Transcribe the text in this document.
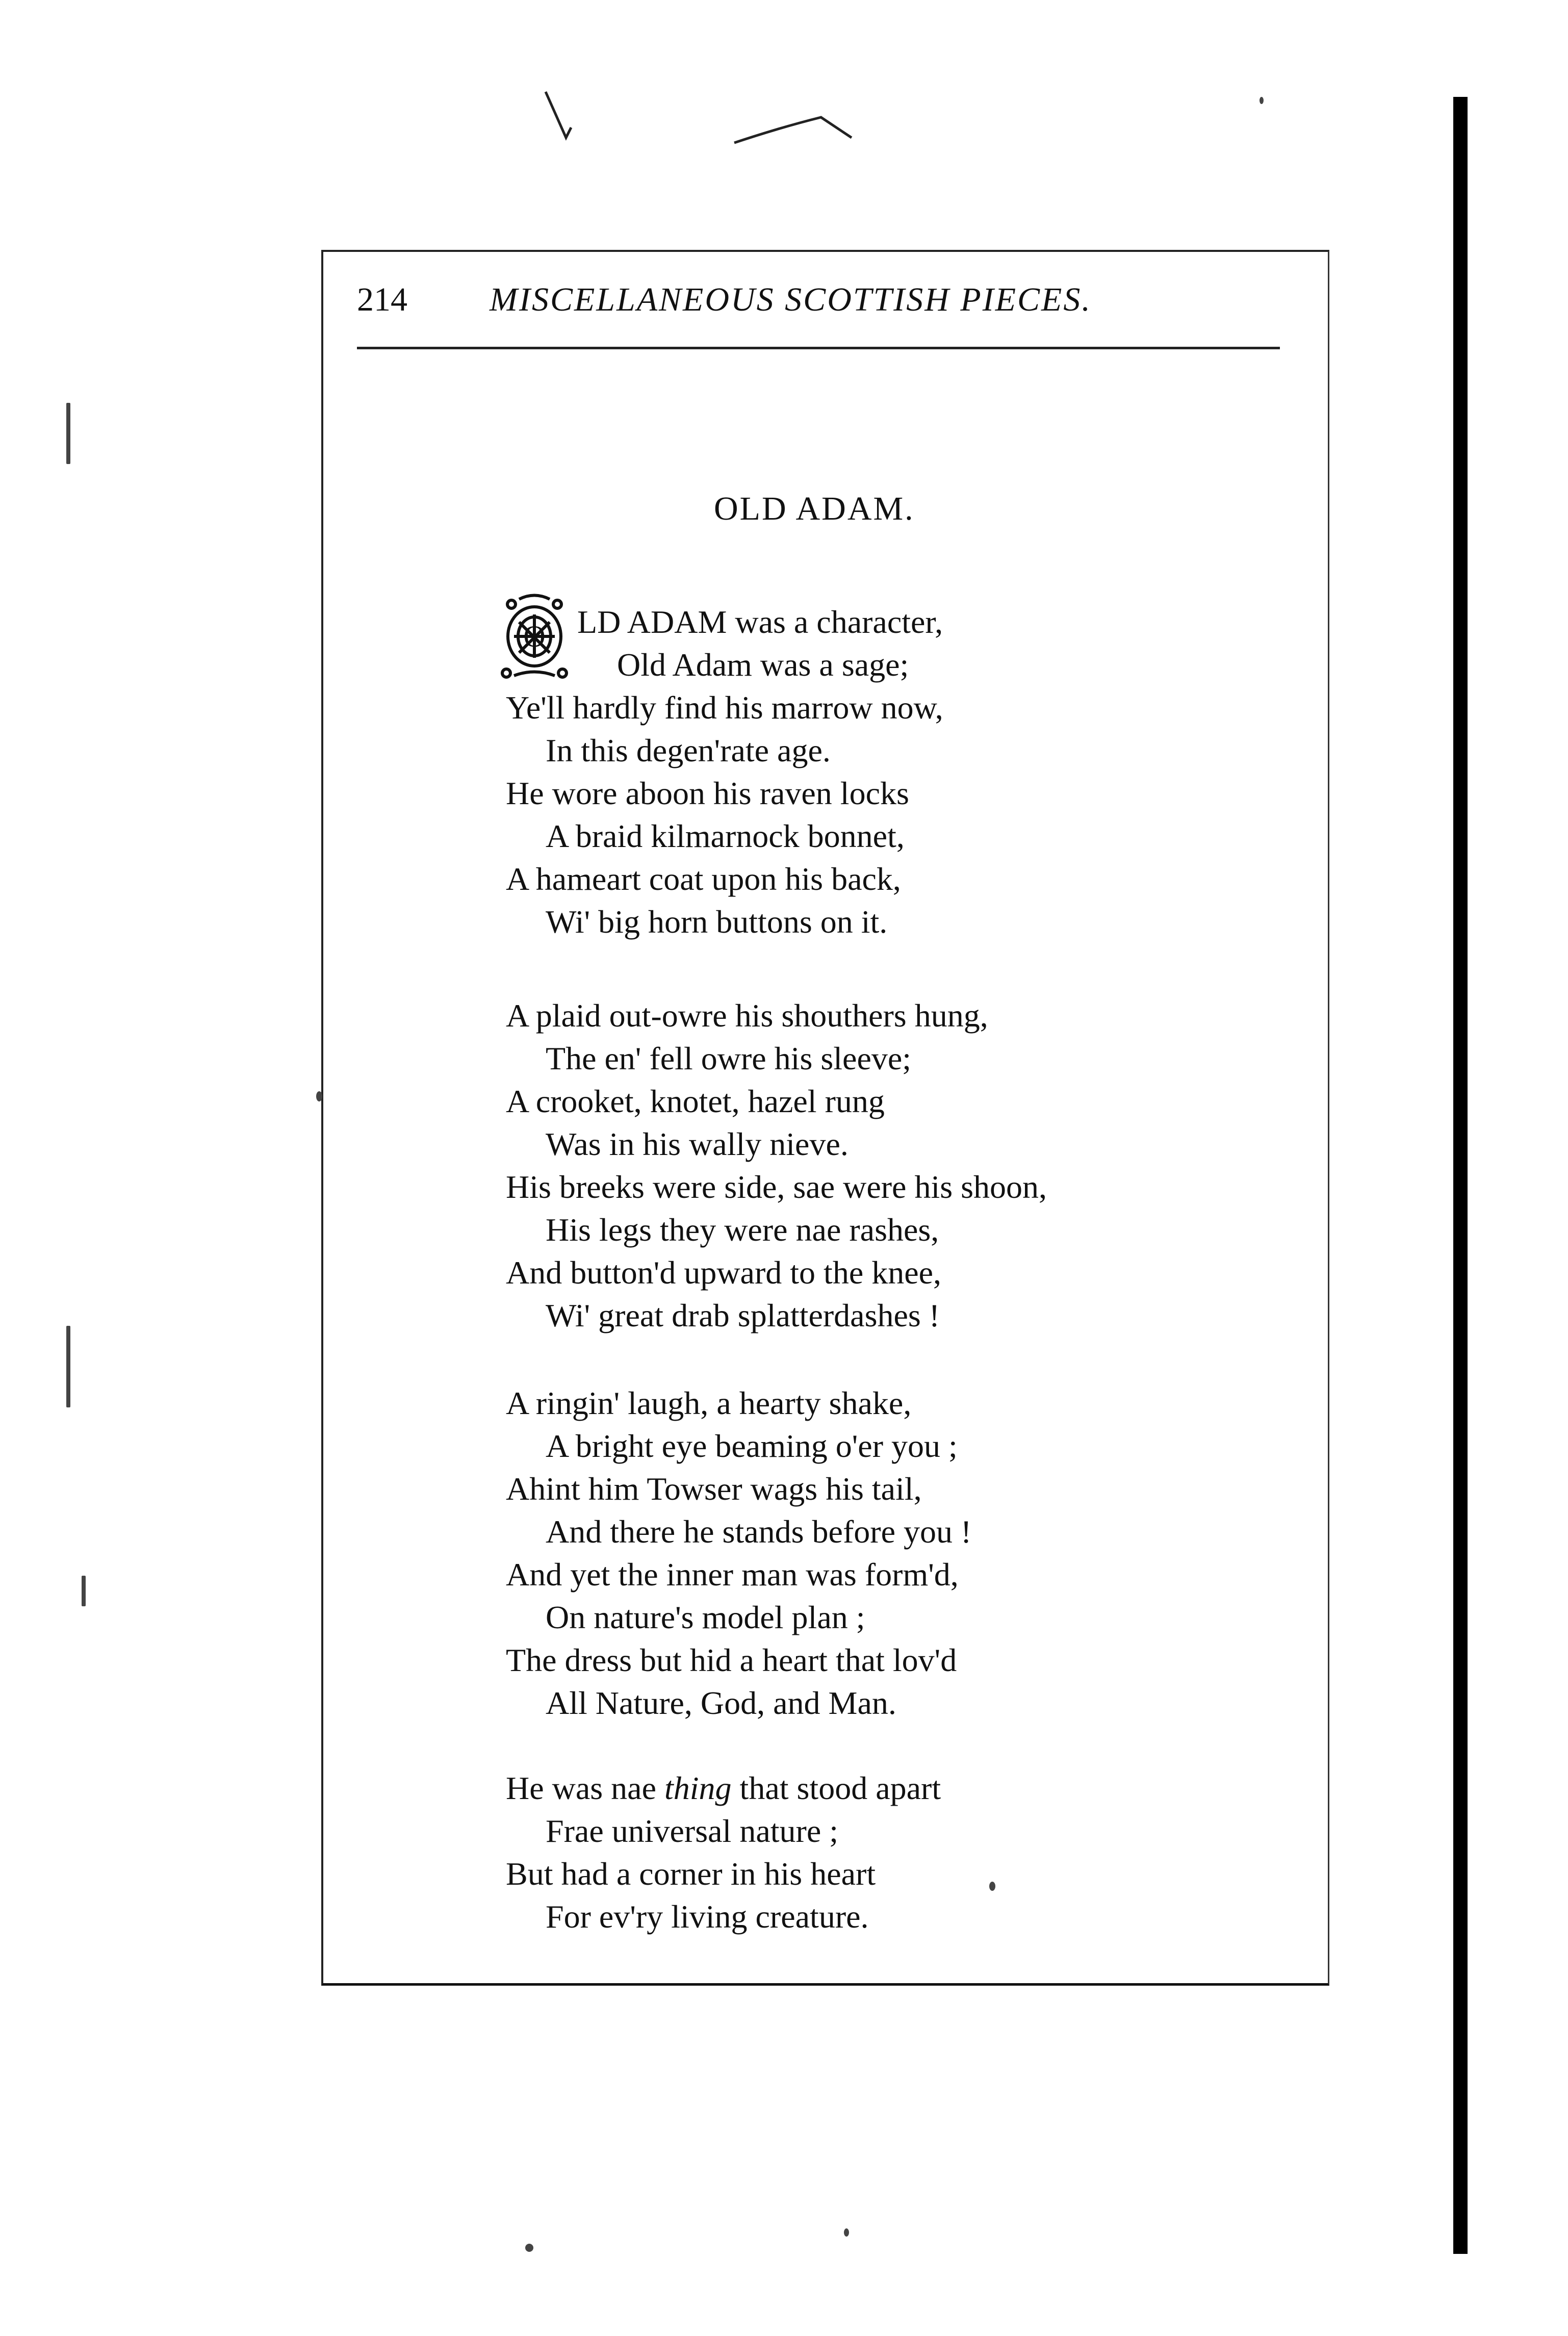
214 MISCELLANEOUS SCOTTISH PIECES.
OLD ADAM.
O LD ADAM was a character,
Old Adam was a sage;
Ye'll hardly find his marrow now,
In this degen'rate age.
He wore aboon his raven locks
A braid kilmarnock bonnet,
A hameart coat upon his back,
Wi' big horn buttons on it.
A plaid out-owre his shouthers hung,
The en' fell owre his sleeve;
A crooket, knotet, hazel rung
Was in his wally nieve.
His breeks were side, sae were his shoon,
His legs they were nae rashes,
And button'd upward to the knee,
Wi' great drab splatterdashes !
A ringin' laugh, a hearty shake,
A bright eye beaming o'er you ;
Ahint him Towser wags his tail,
And there he stands before you !
And yet the inner man was form'd,
On nature's model plan ;
The dress but hid a heart that lov'd
All Nature, God, and Man.
He was nae thing that stood apart
Frae universal nature ;
But had a corner in his heart
For ev'ry living creature.
